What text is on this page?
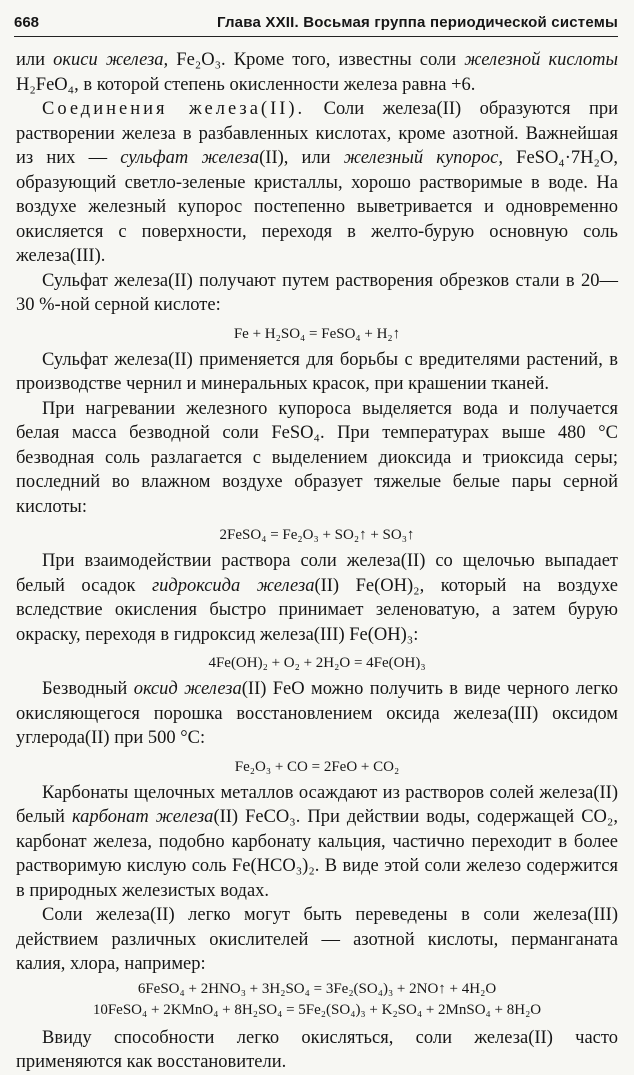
668	Глава XXII. Восьмая группа периодической системы

или окиси железа, Fe₂O₃. Кроме того, известны соли железной кислоты H₂FeO₄, в которой степень окисленности железа равна +6.

Соединения железа(II). Соли железа(II) образуются при растворении железа в разбавленных кислотах, кроме азотной. Важнейшая из них — сульфат железа(II), или железный купорос, FeSO₄·7H₂O, образующий светло-зеленые кристаллы, хорошо растворимые в воде. На воздухе железный купорос постепенно выветривается и одновременно окисляется с поверхности, переходя в желто-бурую основную соль железа(III).

Сульфат железа(II) получают путем растворения обрезков стали в 20—30 %-ной серной кислоте:

Fe + H₂SO₄ = FeSO₄ + H₂↑

Сульфат железа(II) применяется для борьбы с вредителями растений, в производстве чернил и минеральных красок, при крашении тканей.

При нагревании железного купороса выделяется вода и получается белая масса безводной соли FeSO₄. При температурах выше 480 °C безводная соль разлагается с выделением диоксида и триоксида серы; последний во влажном воздухе образует тяжелые белые пары серной кислоты:

2FeSO₄ = Fe₂O₃ + SO₂↑ + SO₃↑

При взаимодействии раствора соли железа(II) со щелочью выпадает белый осадок гидроксида железа(II) Fe(OH)₂, который на воздухе вследствие окисления быстро принимает зеленоватую, а затем бурую окраску, переходя в гидроксид железа(III) Fe(OH)₃:

4Fe(OH)₂ + O₂ + 2H₂O = 4Fe(OH)₃

Безводный оксид железа(II) FeO можно получить в виде черного легко окисляющегося порошка восстановлением оксида железа(III) оксидом углерода(II) при 500 °C:

Fe₂O₃ + CO = 2FeO + CO₂

Карбонаты щелочных металлов осаждают из растворов солей железа(II) белый карбонат железа(II) FeCO₃. При действии воды, содержащей CO₂, карбонат железа, подобно карбонату кальция, частично переходит в более растворимую кислую соль Fe(HCO₃)₂. В виде этой соли железо содержится в природных железистых водах.

Соли железа(II) легко могут быть переведены в соли железа(III) действием различных окислителей — азотной кислоты, перманганата калия, хлора, например:

6FeSO₄ + 2HNO₃ + 3H₂SO₄ = 3Fe₂(SO₄)₃ + 2NO↑ + 4H₂O
10FeSO₄ + 2KMnO₄ + 8H₂SO₄ = 5Fe₂(SO₄)₃ + K₂SO₄ + 2MnSO₄ + 8H₂O

Ввиду способности легко окисляться, соли железа(II) часто применяются как восстановители.
